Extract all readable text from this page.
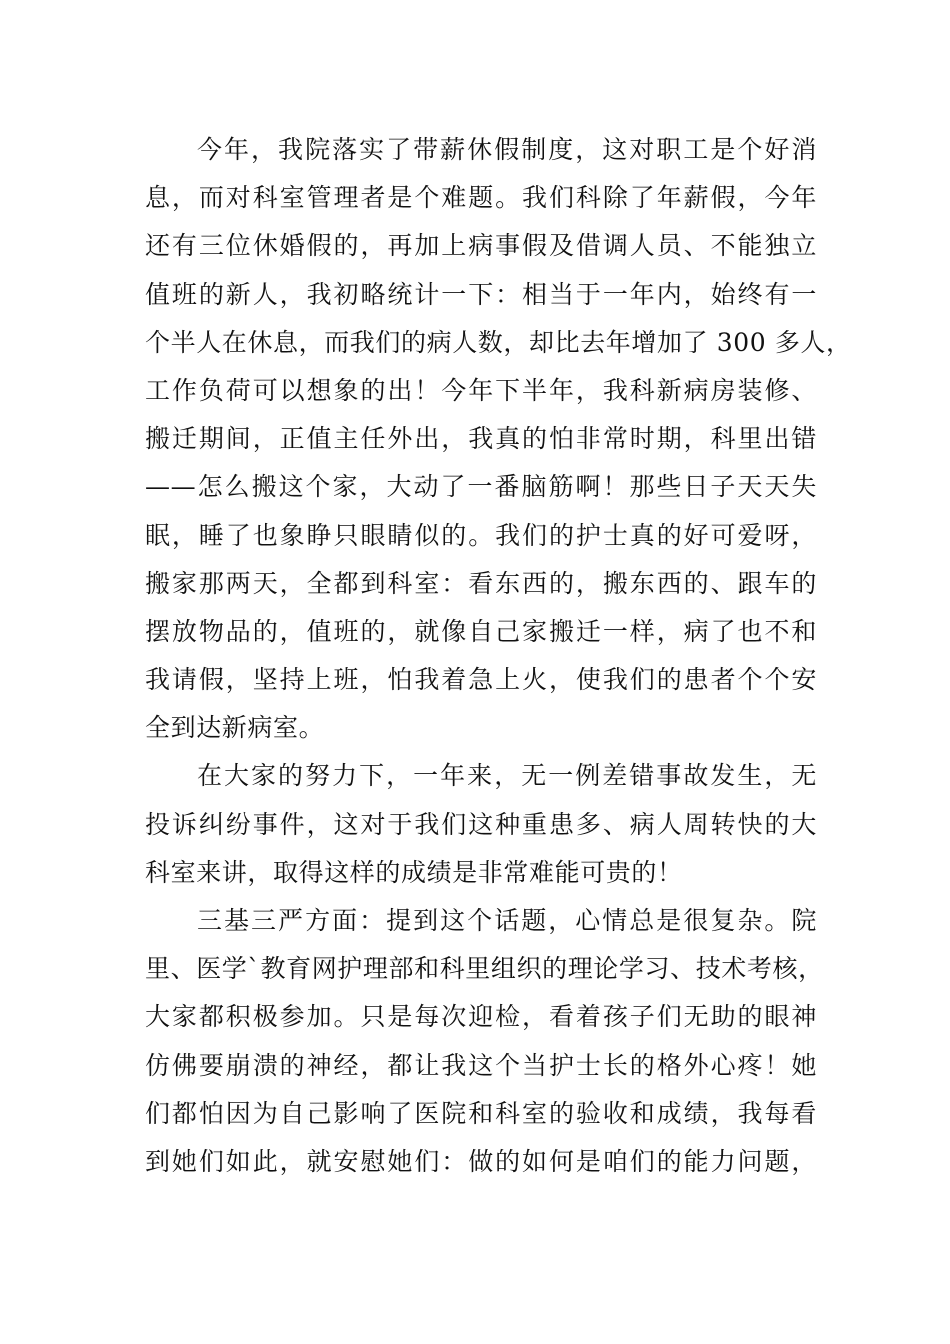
今年，我院落实了带薪休假制度，这对职工是个好消
息，而对科室管理者是个难题。我们科除了年薪假，今年
还有三位休婚假的，再加上病事假及借调人员、不能独立
值班的新人，我初略统计一下：相当于一年内，始终有一
个半人在休息，而我们的病人数，却比去年增加了 300 多人，
工作负荷可以想象的出！今年下半年，我科新病房装修、
搬迁期间，正值主任外出，我真的怕非常时期，科里出错
——怎么搬这个家，大动了一番脑筋啊！那些日子天天失
眠，睡了也象睁只眼睛似的。我们的护士真的好可爱呀，
搬家那两天，全都到科室：看东西的，搬东西的、跟车的
摆放物品的，值班的，就像自己家搬迁一样，病了也不和
我请假，坚持上班，怕我着急上火，使我们的患者个个安
全到达新病室。
在大家的努力下，一年来，无一例差错事故发生，无
投诉纠纷事件，这对于我们这种重患多、病人周转快的大
科室来讲，取得这样的成绩是非常难能可贵的！
三基三严方面：提到这个话题，心情总是很复杂。院
里、医学`教育网护理部和科里组织的理论学习、技术考核，
大家都积极参加。只是每次迎检，看着孩子们无助的眼神
仿佛要崩溃的神经，都让我这个当护士长的格外心疼！她
们都怕因为自己影响了医院和科室的验收和成绩，我每看
到她们如此，就安慰她们：做的如何是咱们的能力问题，
